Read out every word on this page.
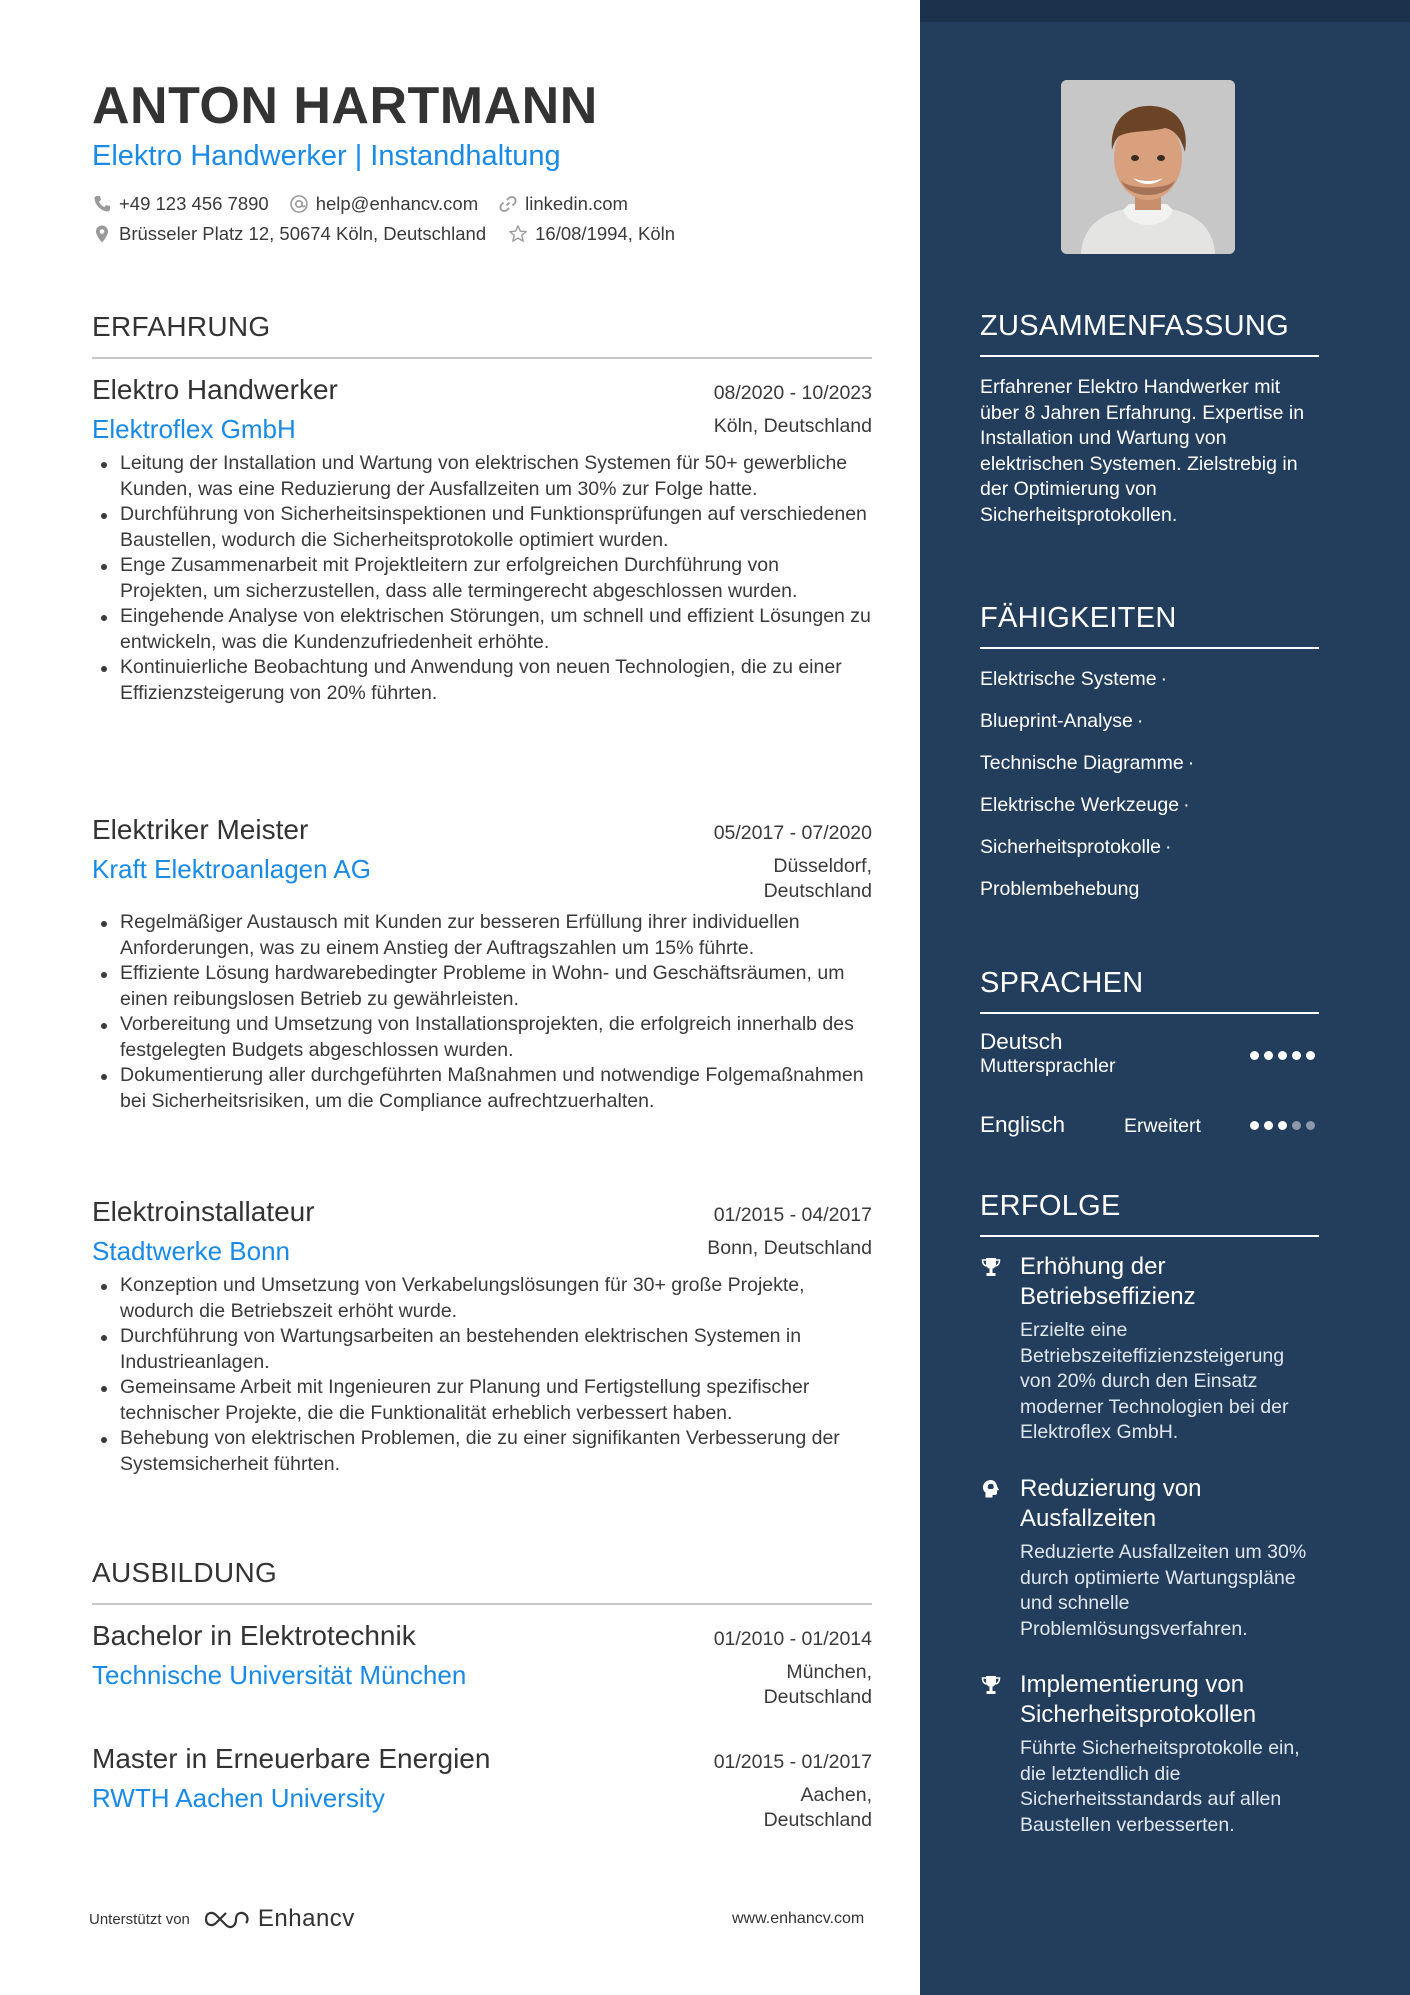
ANTON HARTMANN
Elektro Handwerker | Instandhaltung
+49 123 456 7890	help@enhancv.com	linkedin.com
Brüsseler Platz 12, 50674 Köln, Deutschland	16/08/1994, Köln
ERFAHRUNG
Elektro Handwerker	08/2020 - 10/2023
Elektroflex GmbH	Köln, Deutschland
Leitung der Installation und Wartung von elektrischen Systemen für 50+ gewerbliche Kunden, was eine Reduzierung der Ausfallzeiten um 30% zur Folge hatte.
Durchführung von Sicherheitsinspektionen und Funktionsprüfungen auf verschiedenen Baustellen, wodurch die Sicherheitsprotokolle optimiert wurden.
Enge Zusammenarbeit mit Projektleitern zur erfolgreichen Durchführung von Projekten, um sicherzustellen, dass alle termingerecht abgeschlossen wurden.
Eingehende Analyse von elektrischen Störungen, um schnell und effizient Lösungen zu entwickeln, was die Kundenzufriedenheit erhöhte.
Kontinuierliche Beobachtung und Anwendung von neuen Technologien, die zu einer Effizienzsteigerung von 20% führten.
Elektriker Meister	05/2017 - 07/2020
Kraft Elektroanlagen AG	Düsseldorf,
Deutschland
Regelmäßiger Austausch mit Kunden zur besseren Erfüllung ihrer individuellen Anforderungen, was zu einem Anstieg der Auftragszahlen um 15% führte.
Effiziente Lösung hardwarebedingter Probleme in Wohn- und Geschäftsräumen, um einen reibungslosen Betrieb zu gewährleisten.
Vorbereitung und Umsetzung von Installationsprojekten, die erfolgreich innerhalb des festgelegten Budgets abgeschlossen wurden.
Dokumentierung aller durchgeführten Maßnahmen und notwendige Folgemaßnahmen bei Sicherheitsrisiken, um die Compliance aufrechtzuerhalten.
Elektroinstallateur	01/2015 - 04/2017
Stadtwerke Bonn	Bonn, Deutschland
Konzeption und Umsetzung von Verkabelungslösungen für 30+ große Projekte, wodurch die Betriebszeit erhöht wurde.
Durchführung von Wartungsarbeiten an bestehenden elektrischen Systemen in Industrieanlagen.
Gemeinsame Arbeit mit Ingenieuren zur Planung und Fertigstellung spezifischer technischer Projekte, die die Funktionalität erheblich verbessert haben.
Behebung von elektrischen Problemen, die zu einer signifikanten Verbesserung der Systemsicherheit führten.
AUSBILDUNG
Bachelor in Elektrotechnik	01/2010 - 01/2014
Technische Universität München	München,
Deutschland
Master in Erneuerbare Energien	01/2015 - 01/2017
RWTH Aachen University	Aachen,
Deutschland
Unterstützt von	Enhancv	www.enhancv.com
ZUSAMMENFASSUNG
Erfahrener Elektro Handwerker mit über 8 Jahren Erfahrung. Expertise in Installation und Wartung von elektrischen Systemen. Zielstrebig in der Optimierung von Sicherheitsprotokollen.
FÄHIGKEITEN
Elektrische Systeme ·
Blueprint-Analyse ·
Technische Diagramme ·
Elektrische Werkzeuge ·
Sicherheitsprotokolle ·
Problembehebung
SPRACHEN
Deutsch
Muttersprachler
Englisch	Erweitert
ERFOLGE
Erhöhung der Betriebseffizienz
Erzielte eine Betriebszeiteffizienzsteigerung von 20% durch den Einsatz moderner Technologien bei der Elektroflex GmbH.
Reduzierung von Ausfallzeiten
Reduzierte Ausfallzeiten um 30% durch optimierte Wartungspläne und schnelle Problemlösungsverfahren.
Implementierung von Sicherheitsprotokollen
Führte Sicherheitsprotokolle ein, die letztendlich die Sicherheitsstandards auf allen Baustellen verbesserten.
